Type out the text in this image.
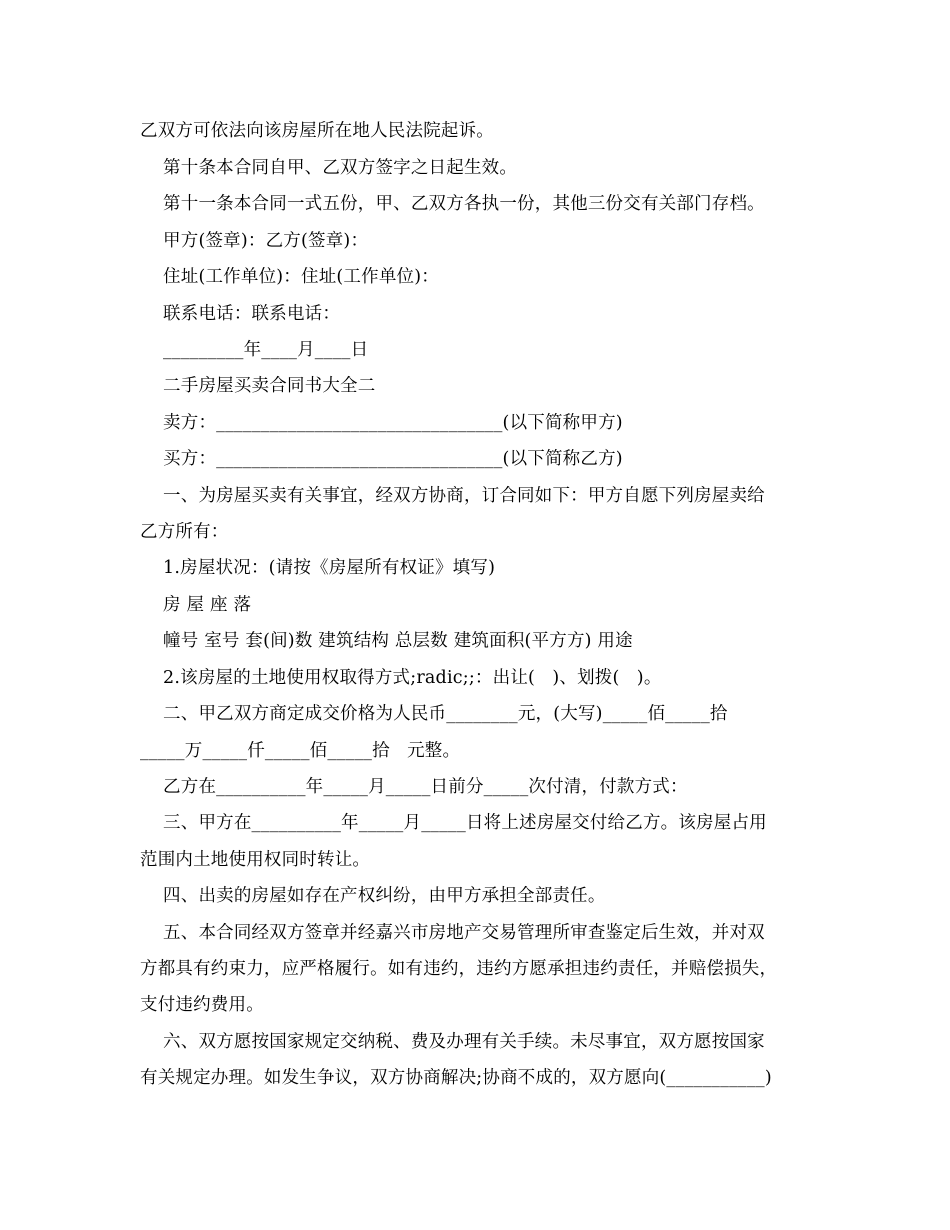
乙双方可依法向该房屋所在地人民法院起诉。
第十条本合同自甲、乙双方签字之日起生效。
第十一条本合同一式五份，甲、乙双方各执一份，其他三份交有关部门存档。
甲方(签章)：乙方(签章)：
住址(工作单位)：住址(工作单位)：
联系电话：联系电话：
_________年____月____日
二手房屋买卖合同书大全二
卖方：________________________________(以下简称甲方)
买方：________________________________(以下简称乙方)
一、为房屋买卖有关事宜，经双方协商，订合同如下：甲方自愿下列房屋卖给
乙方所有：
1.房屋状况：(请按《房屋所有权证》填写)
房 屋 座 落
幢号 室号 套(间)数 建筑结构 总层数 建筑面积(平方方) 用途
2.该房屋的土地使用权取得方式;radic;;：出让(   )、划拨(   )。
二、甲乙双方商定成交价格为人民币________元，(大写)_____佰_____拾
_____万_____仟_____佰_____拾   元整。
乙方在__________年_____月_____日前分_____次付清，付款方式：
三、甲方在__________年_____月_____日将上述房屋交付给乙方。该房屋占用
范围内土地使用权同时转让。
四、出卖的房屋如存在产权纠纷，由甲方承担全部责任。
五、本合同经双方签章并经嘉兴市房地产交易管理所审查鉴定后生效，并对双
方都具有约束力，应严格履行。如有违约，违约方愿承担违约责任，并赔偿损失，
支付违约费用。
六、双方愿按国家规定交纳税、费及办理有关手续。未尽事宜，双方愿按国家
有关规定办理。如发生争议，双方协商解决;协商不成的，双方愿向(___________)
